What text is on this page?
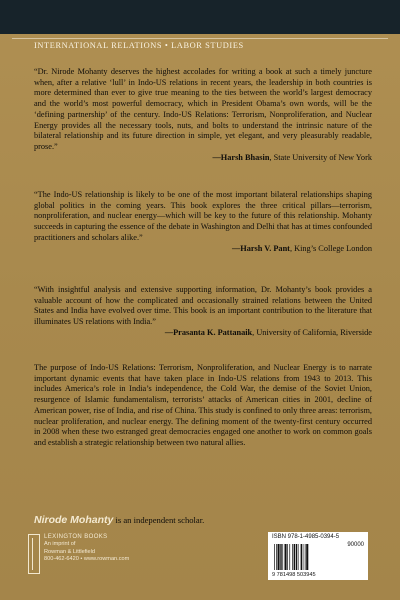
INTERNATIONAL RELATIONS • LABOR STUDIES
“Dr. Nirode Mohanty deserves the highest accolades for writing a book at such a timely juncture when, after a relative ‘lull’ in Indo-US relations in recent years, the leadership in both countries is more determined than ever to give true meaning to the ties between the world’s largest democracy and the world’s most powerful democracy, which in President Obama’s own words, will be the ‘defining partnership’ of the century. Indo-US Relations: Terrorism, Nonproliferation, and Nuclear Energy provides all the necessary tools, nuts, and bolts to understand the intrinsic nature of the bilateral relationship and its future direction in simple, yet elegant, and very pleasurably readable, prose.”
—Harsh Bhasin, State University of New York
“The Indo-US relationship is likely to be one of the most important bilateral relationships shaping global politics in the coming years. This book explores the three critical pillars—terrorism, nonproliferation, and nuclear energy—which will be key to the future of this relationship. Mohanty succeeds in capturing the essence of the debate in Washington and Delhi that has at times confounded practitioners and scholars alike.”
—Harsh V. Pant, King’s College London
“With insightful analysis and extensive supporting information, Dr. Mohanty’s book provides a valuable account of how the complicated and occasionally strained relations between the United States and India have evolved over time. This book is an important contribution to the literature that illuminates US relations with India.”
—Prasanta K. Pattanaik, University of California, Riverside
The purpose of Indo-US Relations: Terrorism, Nonproliferation, and Nuclear Energy is to narrate important dynamic events that have taken place in Indo-US relations from 1943 to 2013. This includes America’s role in India’s independence, the Cold War, the demise of the Soviet Union, resurgence of Islamic fundamentalism, terrorists’ attacks of American cities in 2001, decline of American power, rise of India, and rise of China. This study is confined to only three areas: terrorism, nuclear proliferation, and nuclear energy. The defining moment of the twenty-first century occurred in 2008 when these two estranged great democracies engaged one another to work on common goals and establish a strategic relationship between two natural allies.
Nirode Mohanty is an independent scholar.
LEXINGTON BOOKS
An imprint of
Rowman & Littlefield
800-462-6420 • www.rowman.com
ISBN 978-1-4985-0394-5
90000
9 781498 503945
